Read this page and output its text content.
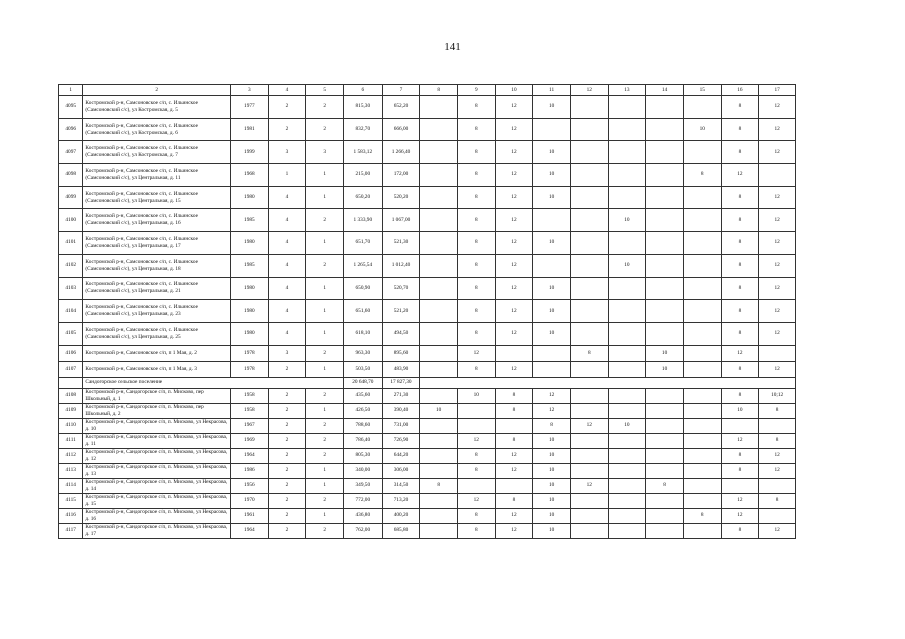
141
1	2	3	4	5	6	7	8	9	10	11	12	13	14	15	16	17
4095	Костромской р-н, Самсоновское с/п, с. Ильинское (Самсоновский с/с), ул Костромская, д. 5	1977	2	2	815,30	652,20		8	12	10					8	12
4096	Костромской р-н, Самсоновское с/п, с. Ильинское (Самсоновский с/с), ул Костромская, д. 6	1981	2	2	832,70	666,00		8	12					10	8	12
4097	Костромской р-н, Самсоновское с/п, с. Ильинское (Самсоновский с/с), ул Костромская, д. 7	1999	3	3	1 583,12	1 266,40		8	12	10					8	12
4098	Костромской р-н, Самсоновское с/п, с. Ильинское (Самсоновский с/с), ул Центральная, д. 11	1968	1	1	215,00	172,00		8	12	10				8	12	
4099	Костромской р-н, Самсоновское с/п, с. Ильинское (Самсоновский с/с), ул Центральная, д. 15	1980	4	1	650,20	520,20		8	12	10					8	12
4100	Костромской р-н, Самсоновское с/п, с. Ильинское (Самсоновский с/с), ул Центральная, д. 16	1985	4	2	1 333,90	1 067,00		8	12			10			8	12
4101	Костромской р-н, Самсоновское с/п, с. Ильинское (Самсоновский с/с), ул Центральная, д. 17	1980	4	1	651,70	521,30		8	12	10					8	12
4102	Костромской р-н, Самсоновское с/п, с. Ильинское (Самсоновский с/с), ул Центральная, д. 18	1985	4	2	1 265,54	1 012,40		8	12			10			8	12
4103	Костромской р-н, Самсоновское с/п, с. Ильинское (Самсоновский с/с), ул Центральная, д. 21	1980	4	1	650,90	520,70		8	12	10					8	12
4104	Костромской р-н, Самсоновское с/п, с. Ильинское (Самсоновский с/с), ул Центральная, д. 23	1980	4	1	651,60	521,20		8	12	10					8	12
4105	Костромской р-н, Самсоновское с/п, с. Ильинское (Самсоновский с/с), ул Центральная, д. 25	1980	4	1	618,10	494,50		8	12	10					8	12
4106	Костромской р-н, Самсоновское с/п, п 1 Мая, д. 2	1978	3	2	963,30	895,60		12			8		10		12	
4107	Костромской р-н, Самсоновское с/п, п 1 Мая, д. 3	1978	2	1	503,50	483,90		8	12				10		8	12
	Сандогорское сельское поселение				20 648,70	17 827,30										
4108	Костромской р-н, Сандогорское с/п, п. Мисково, пер Школьный, д. 1	1958	2	2	435,60	271,30		10	8	12					8	10;12
4109	Костромской р-н, Сандогорское с/п, п. Мисково, пер Школьный, д. 2	1958	2	1	426,50	390,40	10		8	12					10	8
4110	Костромской р-н, Сандогорское с/п, п. Мисково, ул Некрасова, д. 10	1967	2	2	788,60	731,00				8	12	10				
4111	Костромской р-н, Сандогорское с/п, п. Мисково, ул Некрасова, д. 11	1969	2	2	786,40	726,90		12	8	10					12	8
4112	Костромской р-н, Сандогорское с/п, п. Мисково, ул Некрасова, д. 12	1964	2	2	805,30	644,20		8	12	10					8	12
4113	Костромской р-н, Сандогорское с/п, п. Мисково, ул Некрасова, д. 13	1986	2	1	340,00	306,00		8	12	10					8	12
4114	Костромской р-н, Сандогорское с/п, п. Мисково, ул Некрасова, д. 14	1956	2	1	349,50	314,50	8			10	12		8			
4115	Костромской р-н, Сандогорское с/п, п. Мисково, ул Некрасова, д. 15	1970	2	2	772,00	713,20		12	8	10					12	8
4116	Костромской р-н, Сандогорское с/п, п. Мисково, ул Некрасова, д. 16	1961	2	1	436,80	400,20		8	12	10				8	12	
4117	Костромской р-н, Сандогорское с/п, п. Мисково, ул Некрасова, д. 17	1964	2	2	762,00	685,80		8	12	10					8	12
